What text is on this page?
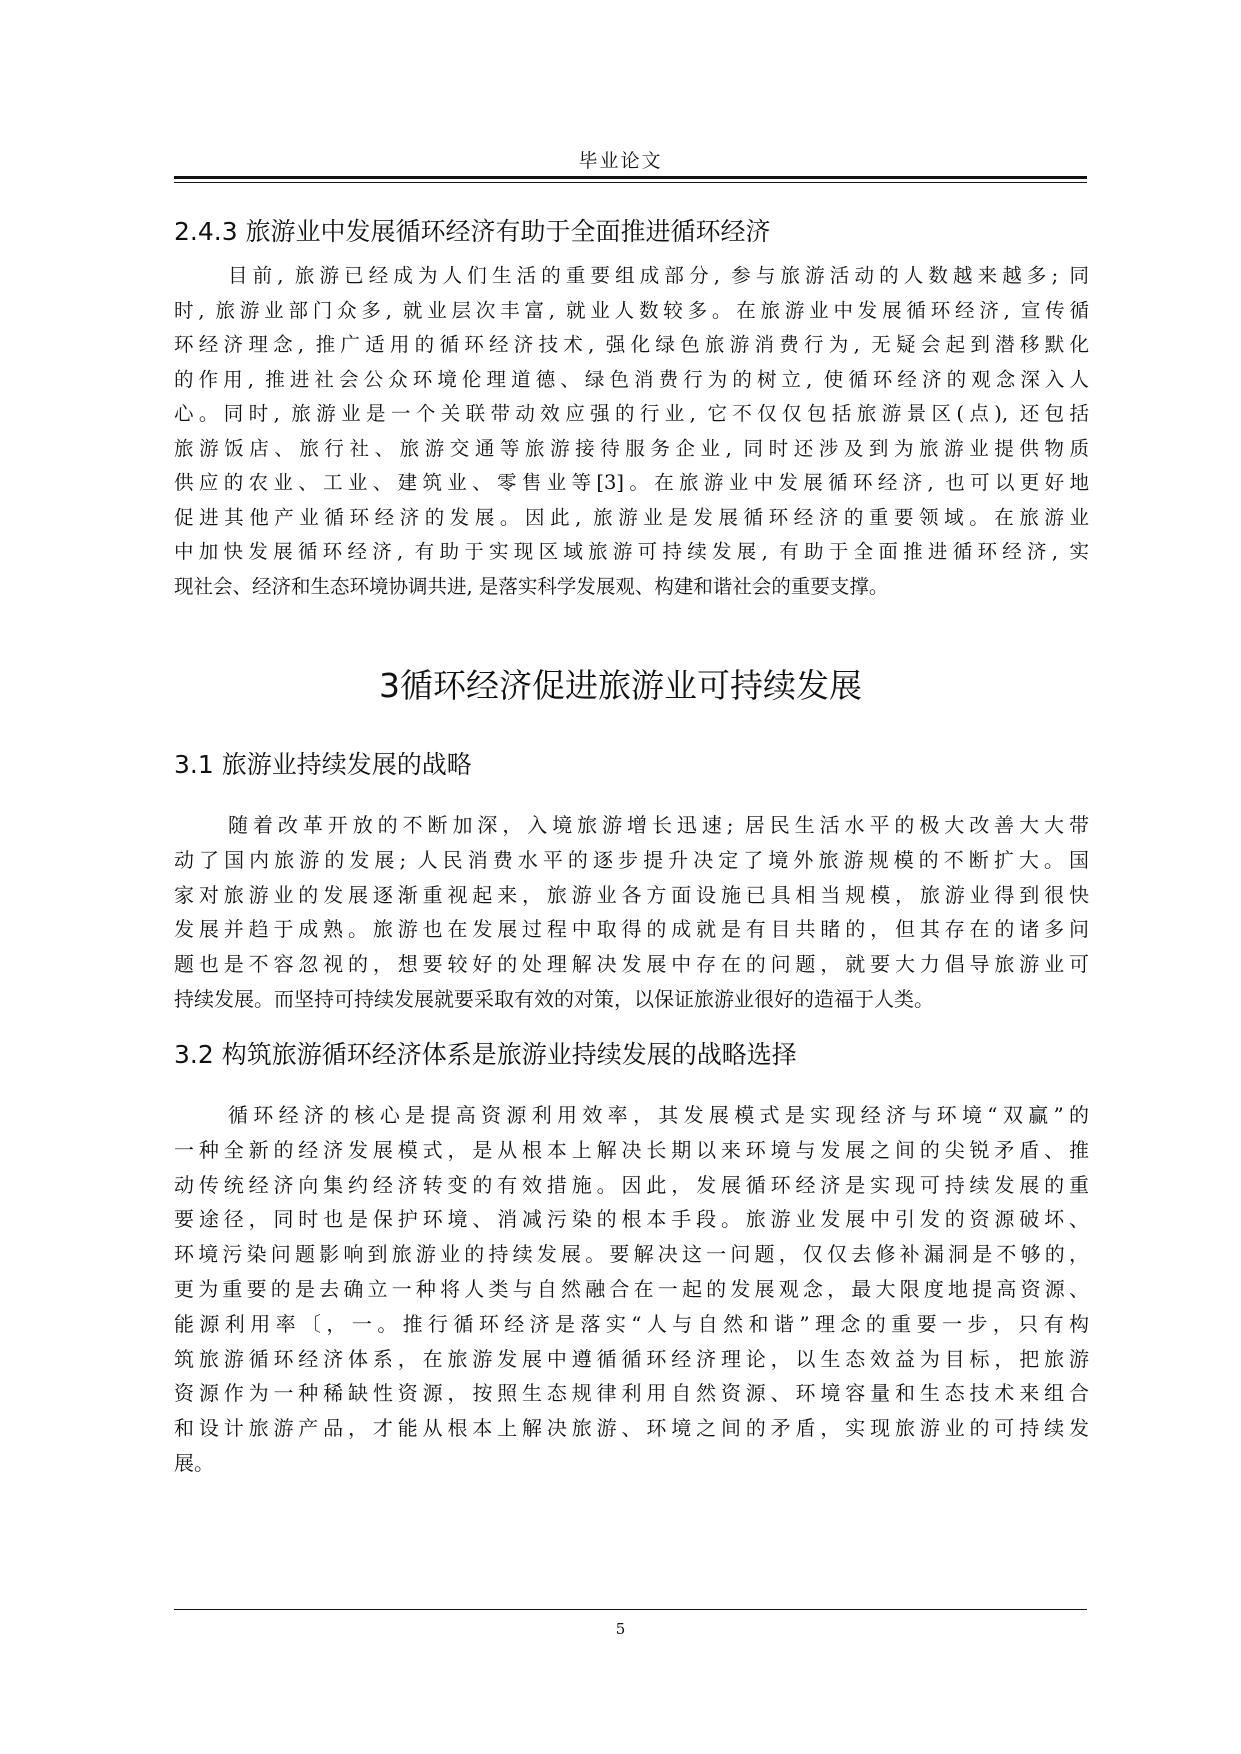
毕业论文
2.4.3 旅游业中发展循环经济有助于全面推进循环经济
目前, 旅游已经成为人们生活的重要组成部分, 参与旅游活动的人数越来越多; 同
时, 旅游业部门众多, 就业层次丰富, 就业人数较多。在旅游业中发展循环经济, 宣传循
环经济理念, 推广适用的循环经济技术, 强化绿色旅游消费行为, 无疑会起到潜移默化
的作用, 推进社会公众环境伦理道德、绿色消费行为的树立, 使循环经济的观念深入人
心。同时, 旅游业是一个关联带动效应强的行业, 它不仅仅包括旅游景区(点), 还包括
旅游饭店、旅行社、旅游交通等旅游接待服务企业, 同时还涉及到为旅游业提供物质
供应的农业、工业、建筑业、零售业等[3]。在旅游业中发展循环经济, 也可以更好地
促进其他产业循环经济的发展。因此, 旅游业是发展循环经济的重要领域。在旅游业
中加快发展循环经济, 有助于实现区域旅游可持续发展, 有助于全面推进循环经济, 实
现社会、经济和生态环境协调共进, 是落实科学发展观、构建和谐社会的重要支撑。
3循环经济促进旅游业可持续发展
3.1 旅游业持续发展的战略
随着改革开放的不断加深，入境旅游增长迅速; 居民生活水平的极大改善大大带
动了国内旅游的发展; 人民消费水平的逐步提升决定了境外旅游规模的不断扩大。国
家对旅游业的发展逐渐重视起来，旅游业各方面设施已具相当规模，旅游业得到很快
发展并趋于成熟。旅游也在发展过程中取得的成就是有目共睹的，但其存在的诸多问
题也是不容忽视的，想要较好的处理解决发展中存在的问题，就要大力倡导旅游业可
持续发展。而坚持可持续发展就要采取有效的对策，以保证旅游业很好的造福于人类。
3.2 构筑旅游循环经济体系是旅游业持续发展的战略选择
循环经济的核心是提高资源利用效率，其发展模式是实现经济与环境“双赢”的
一种全新的经济发展模式，是从根本上解决长期以来环境与发展之间的尖锐矛盾、推
动传统经济向集约经济转变的有效措施。因此，发展循环经济是实现可持续发展的重
要途径，同时也是保护环境、消减污染的根本手段。旅游业发展中引发的资源破坏、
环境污染问题影响到旅游业的持续发展。要解决这一问题，仅仅去修补漏洞是不够的，
更为重要的是去确立一种将人类与自然融合在一起的发展观念，最大限度地提高资源、
能源利用率〔，一。推行循环经济是落实“人与自然和谐”理念的重要一步，只有构
筑旅游循环经济体系，在旅游发展中遵循循环经济理论，以生态效益为目标，把旅游
资源作为一种稀缺性资源，按照生态规律利用自然资源、环境容量和生态技术来组合
和设计旅游产品，才能从根本上解决旅游、环境之间的矛盾，实现旅游业的可持续发
展。
5
